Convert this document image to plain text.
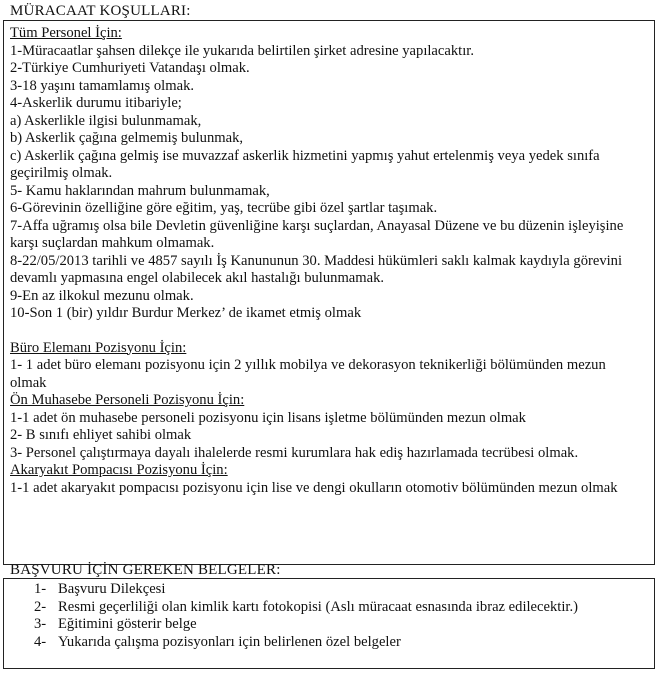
MÜRACAAT KOŞULLARI:
Tüm Personel İçin:
1-Müracaatlar şahsen dilekçe ile yukarıda belirtilen şirket adresine yapılacaktır.
2-Türkiye Cumhuriyeti Vatandaşı olmak.
3-18 yaşını tamamlamış olmak.
4-Askerlik durumu itibariyle;
a) Askerlikle ilgisi bulunmamak,
b) Askerlik çağına gelmemiş bulunmak,
c) Askerlik çağına gelmiş ise muvazzaf askerlik hizmetini yapmış yahut ertelenmiş veya yedek sınıfa geçirilmiş olmak.
5- Kamu haklarından mahrum bulunmamak,
6-Görevinin özelliğine göre eğitim, yaş, tecrübe gibi özel şartlar taşımak.
7-Affa uğramış olsa bile Devletin güvenliğine karşı suçlardan, Anayasal Düzene ve bu düzenin işleyişine karşı suçlardan mahkum olmamak.
8-22/05/2013 tarihli ve 4857 sayılı İş Kanununun 30. Maddesi hükümleri saklı kalmak kaydıyla görevini devamlı yapmasına engel olabilecek akıl hastalığı bulunmamak.
9-En az ilkokul mezunu olmak.
10-Son 1 (bir) yıldır Burdur Merkez’ de ikamet etmiş olmak
Büro Elemanı Pozisyonu İçin:
1- 1 adet büro elemanı pozisyonu için 2 yıllık mobilya ve dekorasyon teknikerliği bölümünden mezun olmak
Ön Muhasebe Personeli Pozisyonu İçin:
1-1 adet ön muhasebe personeli pozisyonu için lisans işletme bölümünden mezun olmak
2- B sınıfı ehliyet sahibi olmak
3- Personel çalıştırmaya dayalı ihalelerde resmi kurumlara hak ediş hazırlamada tecrübesi olmak.
Akaryakıt Pompacısı Pozisyonu İçin:
1-1 adet akaryakıt pompacısı pozisyonu için lise ve dengi okulların otomotiv bölümünden mezun olmak
BAŞVURU İÇİN GEREKEN BELGELER:
1- Başvuru Dilekçesi
2- Resmi geçerliliği olan kimlik kartı fotokopisi (Aslı müracaat esnasında ibraz edilecektir.)
3- Eğitimini gösterir belge
4- Yukarıda çalışma pozisyonları için belirlenen özel belgeler
